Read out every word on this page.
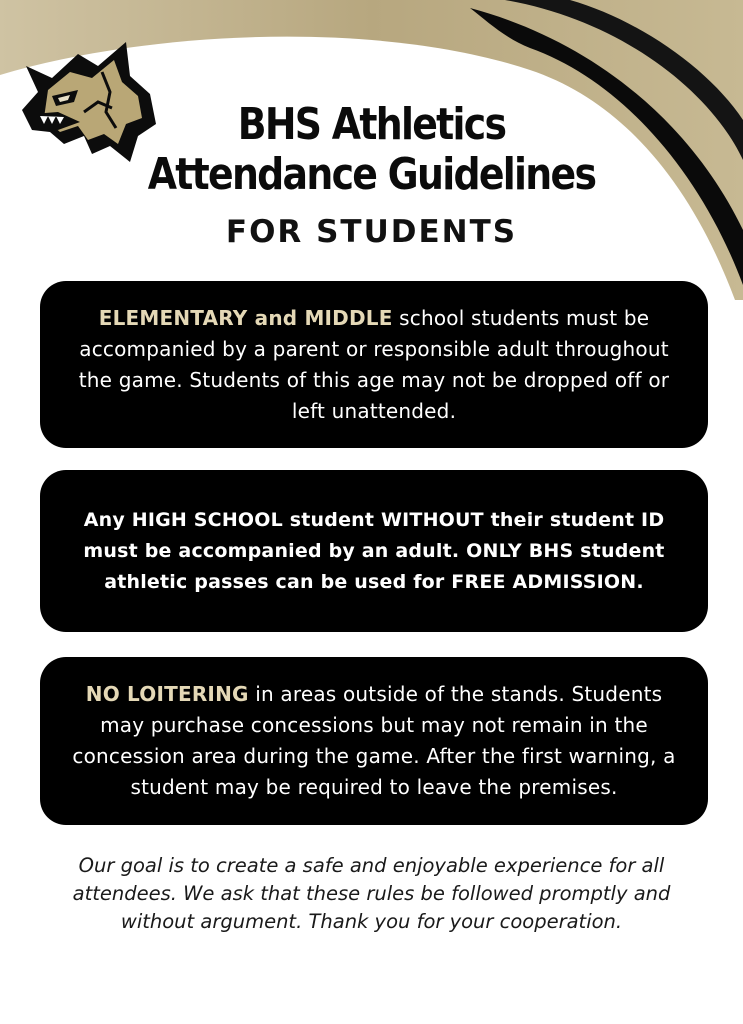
BHS Athletics
Attendance Guidelines
FOR STUDENTS
ELEMENTARY and MIDDLE school students must be accompanied by a parent or responsible adult throughout the game. Students of this age may not be dropped off or left unattended.
Any HIGH SCHOOL student WITHOUT their student ID must be accompanied by an adult. ONLY BHS student athletic passes can be used for FREE ADMISSION.
NO LOITERING in areas outside of the stands. Students may purchase concessions but may not remain in the concession area during the game. After the first warning, a student may be required to leave the premises.
Our goal is to create a safe and enjoyable experience for all attendees. We ask that these rules be followed promptly and without argument. Thank you for your cooperation.
